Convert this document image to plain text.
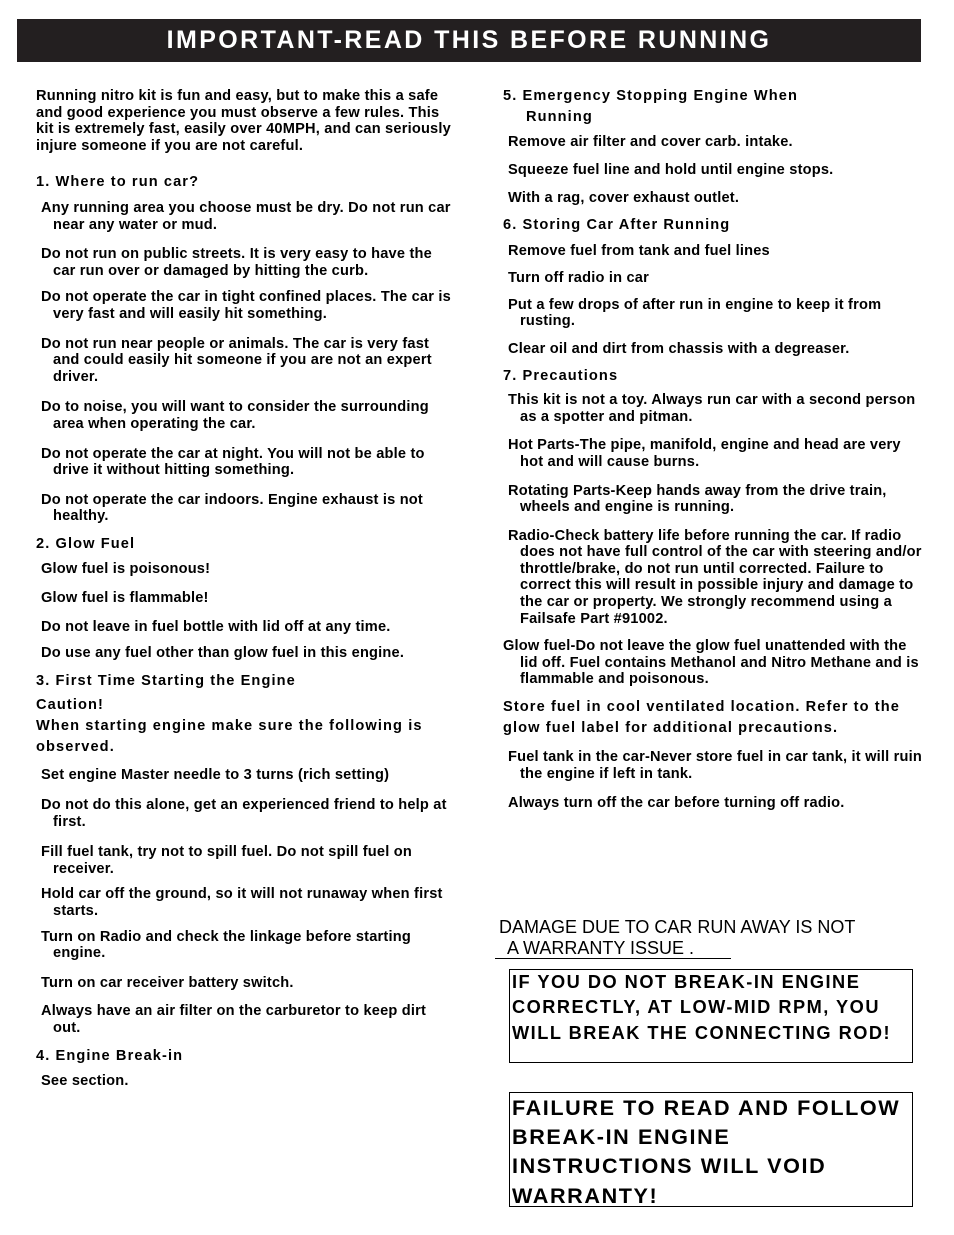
IMPORTANT-READ THIS BEFORE RUNNING
Running nitro kit is fun and easy, but to make this a safe and good experience you must observe a few rules. This kit is extremely fast, easily over 40MPH, and can seriously injure someone if you are not careful.
1. Where to run car?
Any running area you choose must be dry. Do not run car near any water or mud.
Do not run on public streets. It is very easy to have the car run over or damaged by hitting the curb.
Do not operate the car in tight confined places. The car is very fast and will easily hit something.
Do not run near people or animals. The car is very fast and could easily hit someone if you are not an expert driver.
Do to noise, you will want to consider the surrounding area when operating the car.
Do not operate the car at night. You will not be able to drive it without hitting something.
Do not operate the car indoors. Engine exhaust is not healthy.
2. Glow Fuel
Glow fuel is poisonous!
Glow fuel is flammable!
Do not leave in fuel bottle with lid off at any time.
Do use any fuel other than glow fuel in this engine.
3. First Time Starting the Engine
Caution!
When starting engine make sure the following is observed.
Set engine Master needle to 3 turns (rich setting)
Do not do this alone, get an experienced friend to help at first.
Fill fuel tank, try not to spill fuel. Do not spill fuel on receiver.
Hold car off the ground, so it will not runaway when first starts.
Turn on Radio and check the linkage before starting engine.
Turn on car receiver battery switch.
Always have an air filter on the carburetor to keep dirt out.
4. Engine Break-in
See section.
5. Emergency Stopping Engine When
Running
Remove air filter and cover carb. intake.
Squeeze fuel line and hold until engine stops.
With a rag, cover exhaust outlet.
6. Storing Car After Running
Remove fuel from tank and fuel lines
Turn off radio in car
Put a few drops of after run in engine to keep it from rusting.
Clear oil and dirt from chassis with a degreaser.
7. Precautions
This kit is not a toy. Always run car with a second person as a spotter and pitman.
Hot Parts-The pipe, manifold, engine and head are very hot and will cause burns.
Rotating Parts-Keep hands away from the drive train, wheels and engine is running.
Radio-Check battery life before running the car. If radio does not have full control of the car with steering and/or throttle/brake, do not run until corrected. Failure to correct this will result in possible injury and damage to the car or property. We strongly recommend using a Failsafe Part #91002.
Glow fuel-Do not leave the glow fuel unattended with the lid off. Fuel contains Methanol and Nitro Methane and is flammable and poisonous.
Store fuel in cool ventilated location. Refer to the glow fuel label for additional precautions.
Fuel tank in the car-Never store fuel in car tank, it will ruin the engine if left in tank.
Always turn off the car before turning off radio.
DAMAGE DUE TO CAR RUN AWAY IS NOT
A WARRANTY ISSUE .
IF YOU DO NOT BREAK-IN ENGINE CORRECTLY, AT LOW-MID RPM, YOU WILL BREAK THE CONNECTING ROD!
FAILURE TO READ AND FOLLOW BREAK-IN ENGINE INSTRUCTIONS WILL VOID WARRANTY!
